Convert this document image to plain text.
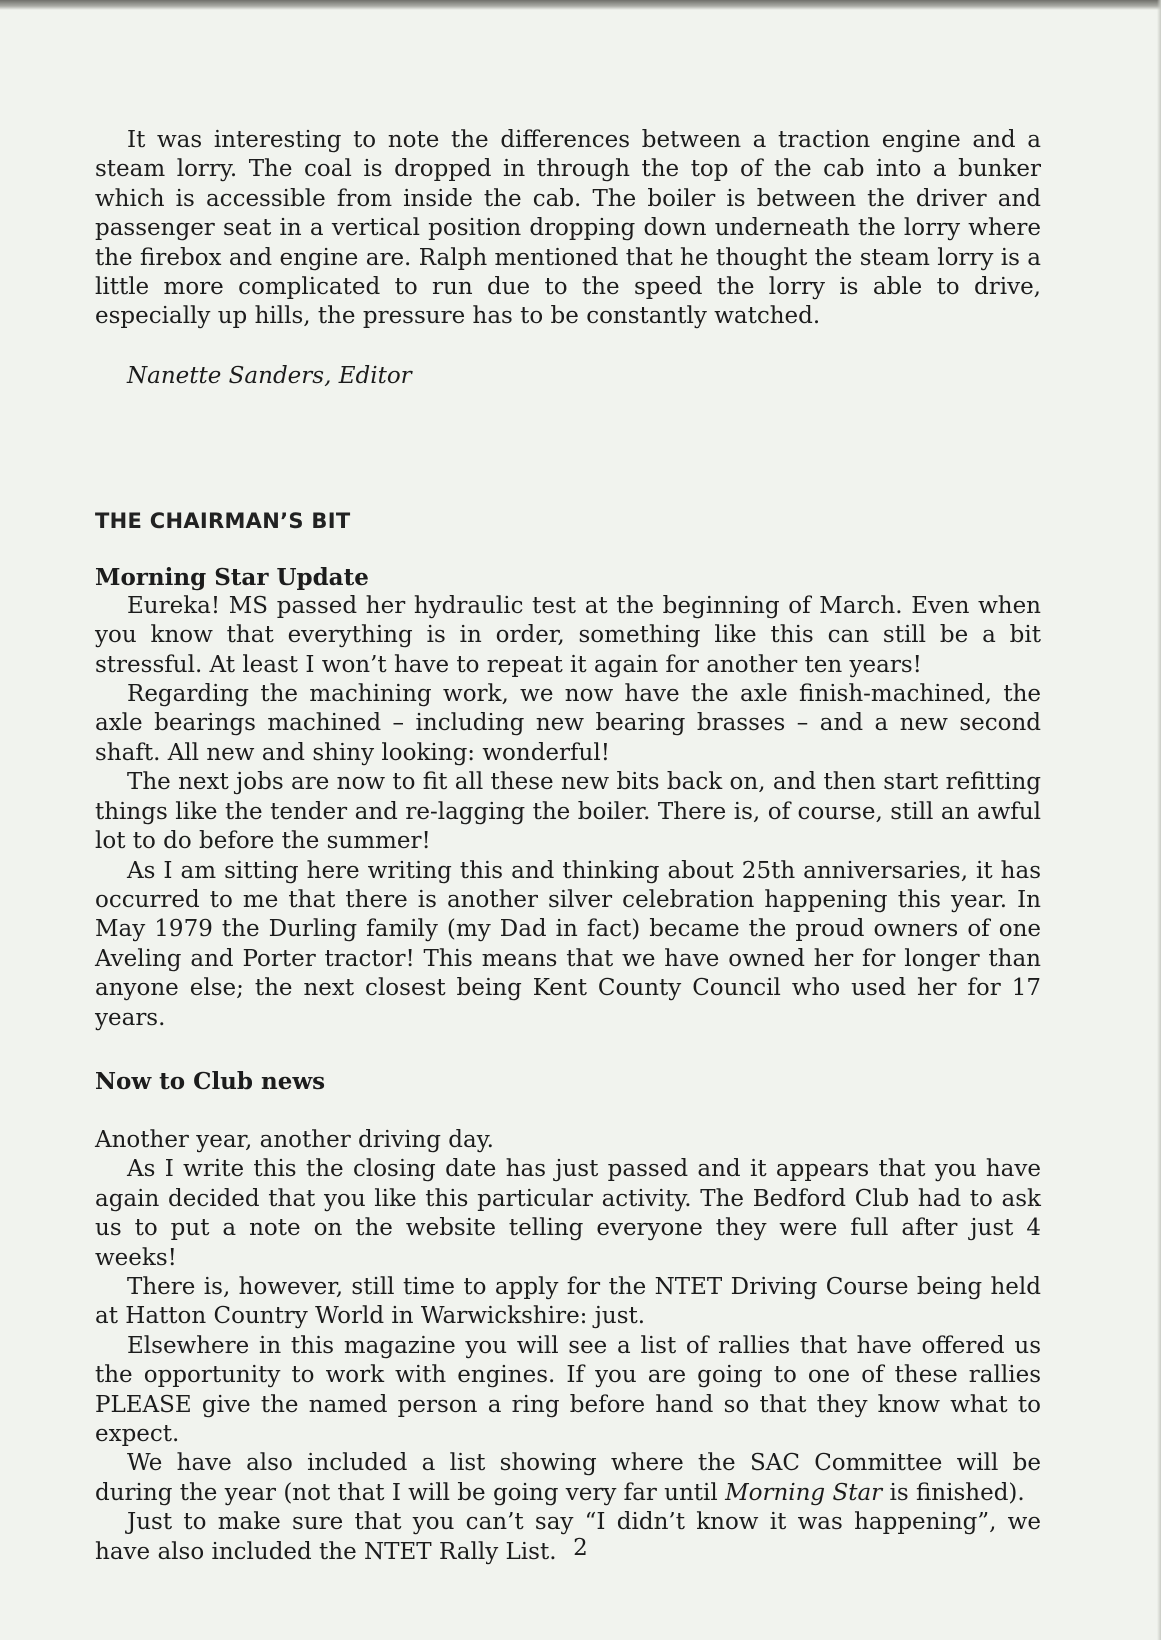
It was interesting to note the differences between a traction engine and a steam lorry. The coal is dropped in through the top of the cab into a bunker which is accessible from inside the cab. The boiler is between the driver and passenger seat in a vertical position dropping down underneath the lorry where the firebox and engine are. Ralph mentioned that he thought the steam lorry is a little more complicated to run due to the speed the lorry is able to drive, especially up hills, the pressure has to be constantly watched.

Nanette Sanders, Editor
THE CHAIRMAN’S BIT
Morning Star Update

Eureka! MS passed her hydraulic test at the beginning of March. Even when you know that everything is in order, something like this can still be a bit stressful. At least I won’t have to repeat it again for another ten years!

Regarding the machining work, we now have the axle finish-machined, the axle bearings machined – including new bearing brasses – and a new second shaft. All new and shiny looking: wonderful!

The next jobs are now to fit all these new bits back on, and then start refitting things like the tender and re-lagging the boiler. There is, of course, still an awful lot to do before the summer!

As I am sitting here writing this and thinking about 25th anniversaries, it has occurred to me that there is another silver celebration happening this year. In May 1979 the Durling family (my Dad in fact) became the proud owners of one Aveling and Porter tractor! This means that we have owned her for longer than anyone else; the next closest being Kent County Council who used her for 17 years.

Now to Club news

Another year, another driving day.

As I write this the closing date has just passed and it appears that you have again decided that you like this particular activity. The Bedford Club had to ask us to put a note on the website telling everyone they were full after just 4 weeks!

There is, however, still time to apply for the NTET Driving Course being held at Hatton Country World in Warwickshire: just.

Elsewhere in this magazine you will see a list of rallies that have offered us the opportunity to work with engines. If you are going to one of these rallies PLEASE give the named person a ring before hand so that they know what to expect.

We have also included a list showing where the SAC Committee will be during the year (not that I will be going very far until Morning Star is finished).

Just to make sure that you can’t say “I didn’t know it was happening”, we have also included the NTET Rally List. 2
